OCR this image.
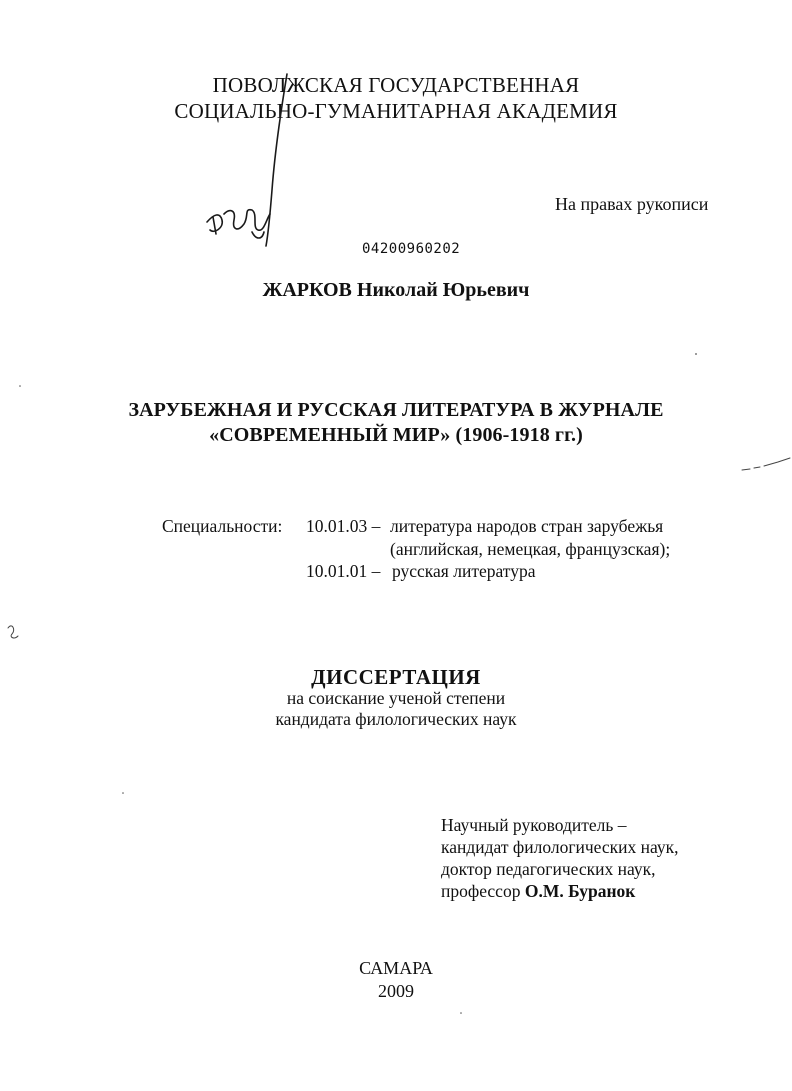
ПОВОЛЖСКАЯ ГОСУДАРСТВЕННАЯ
СОЦИАЛЬНО-ГУМАНИТАРНАЯ АКАДЕМИЯ
На правах рукописи
04200960202
ЖАРКОВ Николай Юрьевич
ЗАРУБЕЖНАЯ И РУССКАЯ ЛИТЕРАТУРА В ЖУРНАЛЕ
«СОВРЕМЕННЫЙ МИР» (1906-1918 гг.)
Специальности: 10.01.03 – литература народов стран зарубежья
(английская, немецкая, французская);
10.01.01 – русская литература
ДИССЕРТАЦИЯ
на соискание ученой степени
кандидата филологических наук
Научный руководитель –
кандидат филологических наук,
доктор педагогических наук,
профессор О.М. Буранок
САМАРА
2009
